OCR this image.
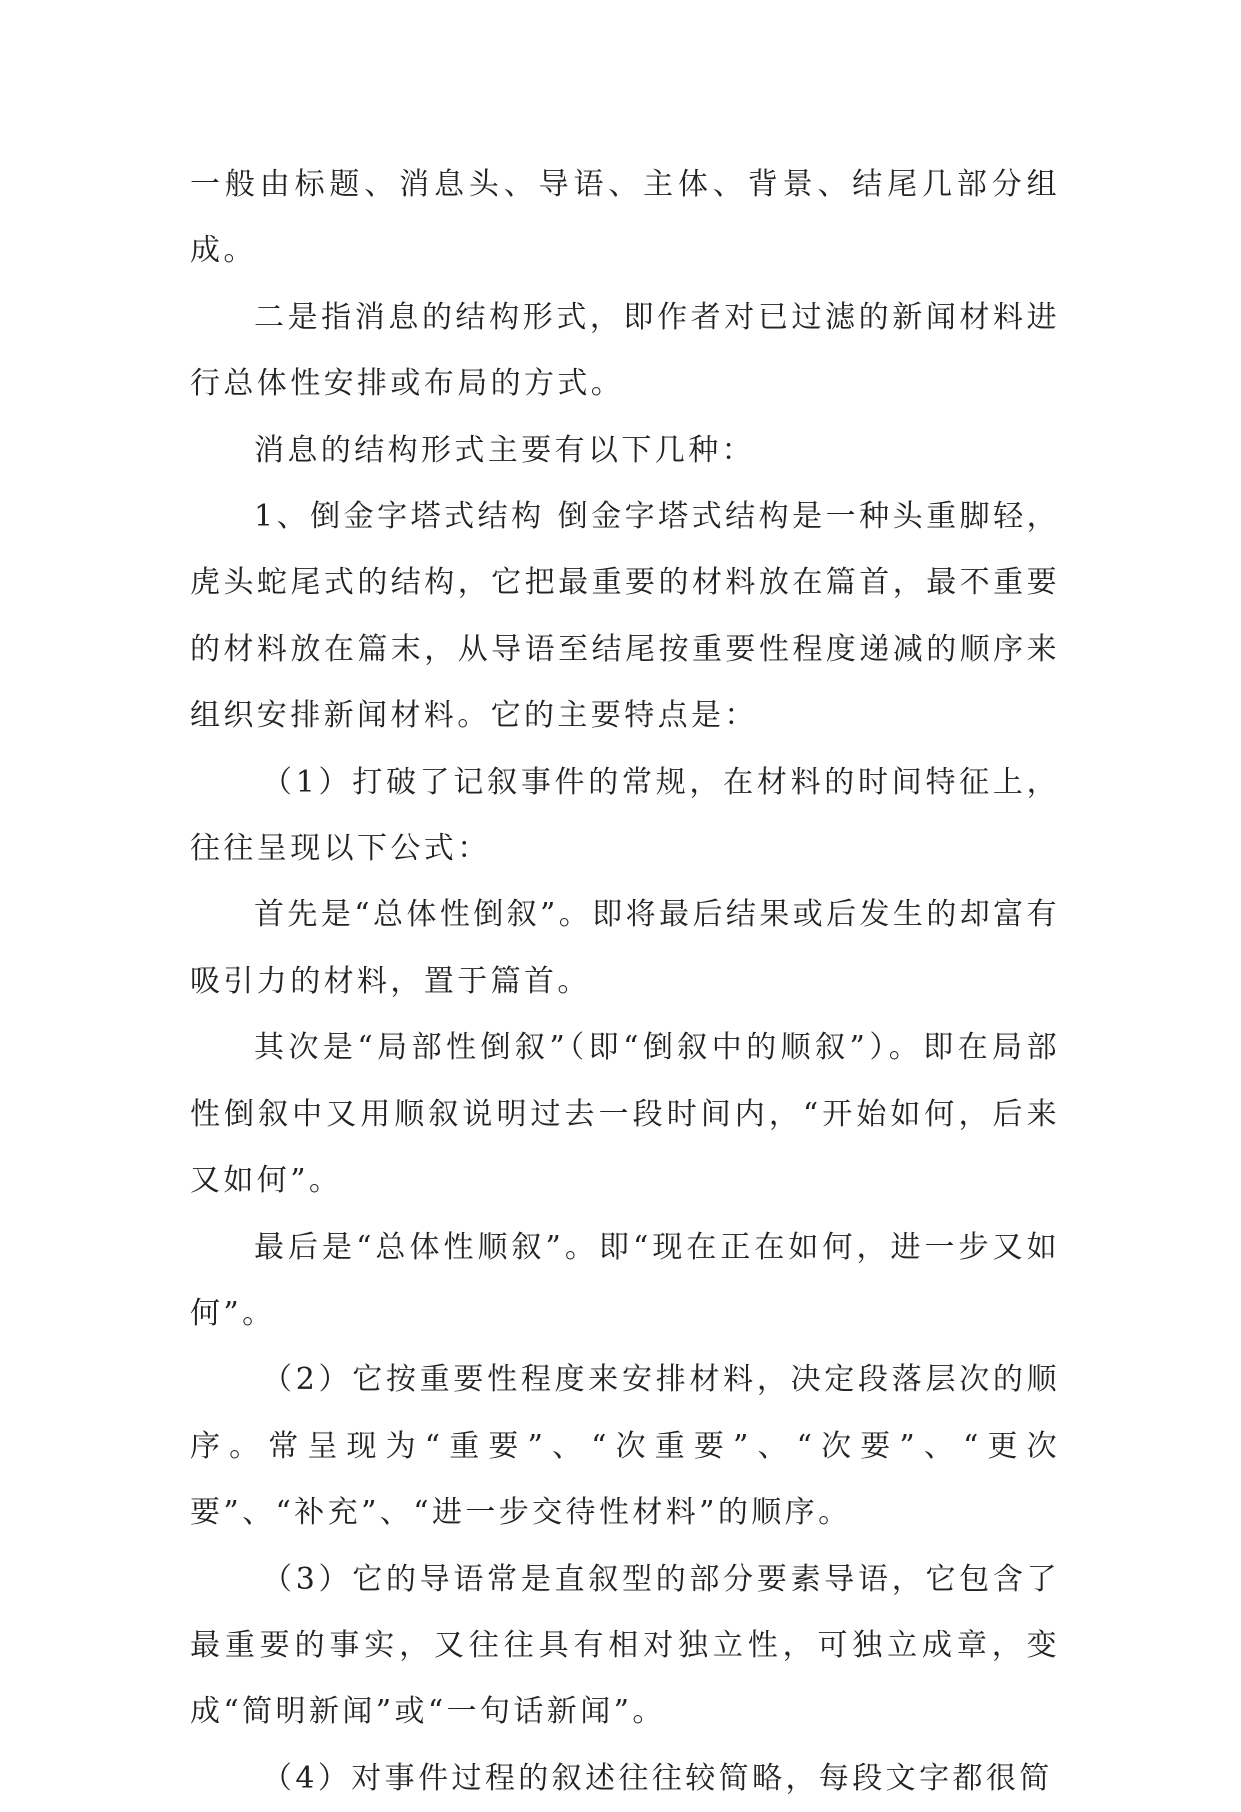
一般由标题、消息头、导语、主体、背景、结尾几部分组成。

二是指消息的结构形式，即作者对已过滤的新闻材料进行总体性安排或布局的方式。

消息的结构形式主要有以下几种：

1、倒金字塔式结构 倒金字塔式结构是一种头重脚轻，虎头蛇尾式的结构，它把最重要的材料放在篇首，最不重要的材料放在篇末，从导语至结尾按重要性程度递减的顺序来组织安排新闻材料。它的主要特点是：

（1）打破了记叙事件的常规，在材料的时间特征上，往往呈现以下公式：

首先是“总体性倒叙”。即将最后结果或后发生的却富有吸引力的材料，置于篇首。

其次是“局部性倒叙”（即“倒叙中的顺叙”）。即在局部性倒叙中又用顺叙说明过去一段时间内，“开始如何，后来又如何”。

最后是“总体性顺叙”。即“现在正在如何，进一步又如何”。

（2）它按重要性程度来安排材料，决定段落层次的顺序。常呈现为“重要”、“次重要”、“次要”、“更次要”、“补充”、“进一步交待性材料”的顺序。

（3）它的导语常是直叙型的部分要素导语，它包含了最重要的事实，又往往具有相对独立性，可独立成章，变成“简明新闻”或“一句话新闻”。

（4）对事件过程的叙述往往较简略，每段文字都很简
